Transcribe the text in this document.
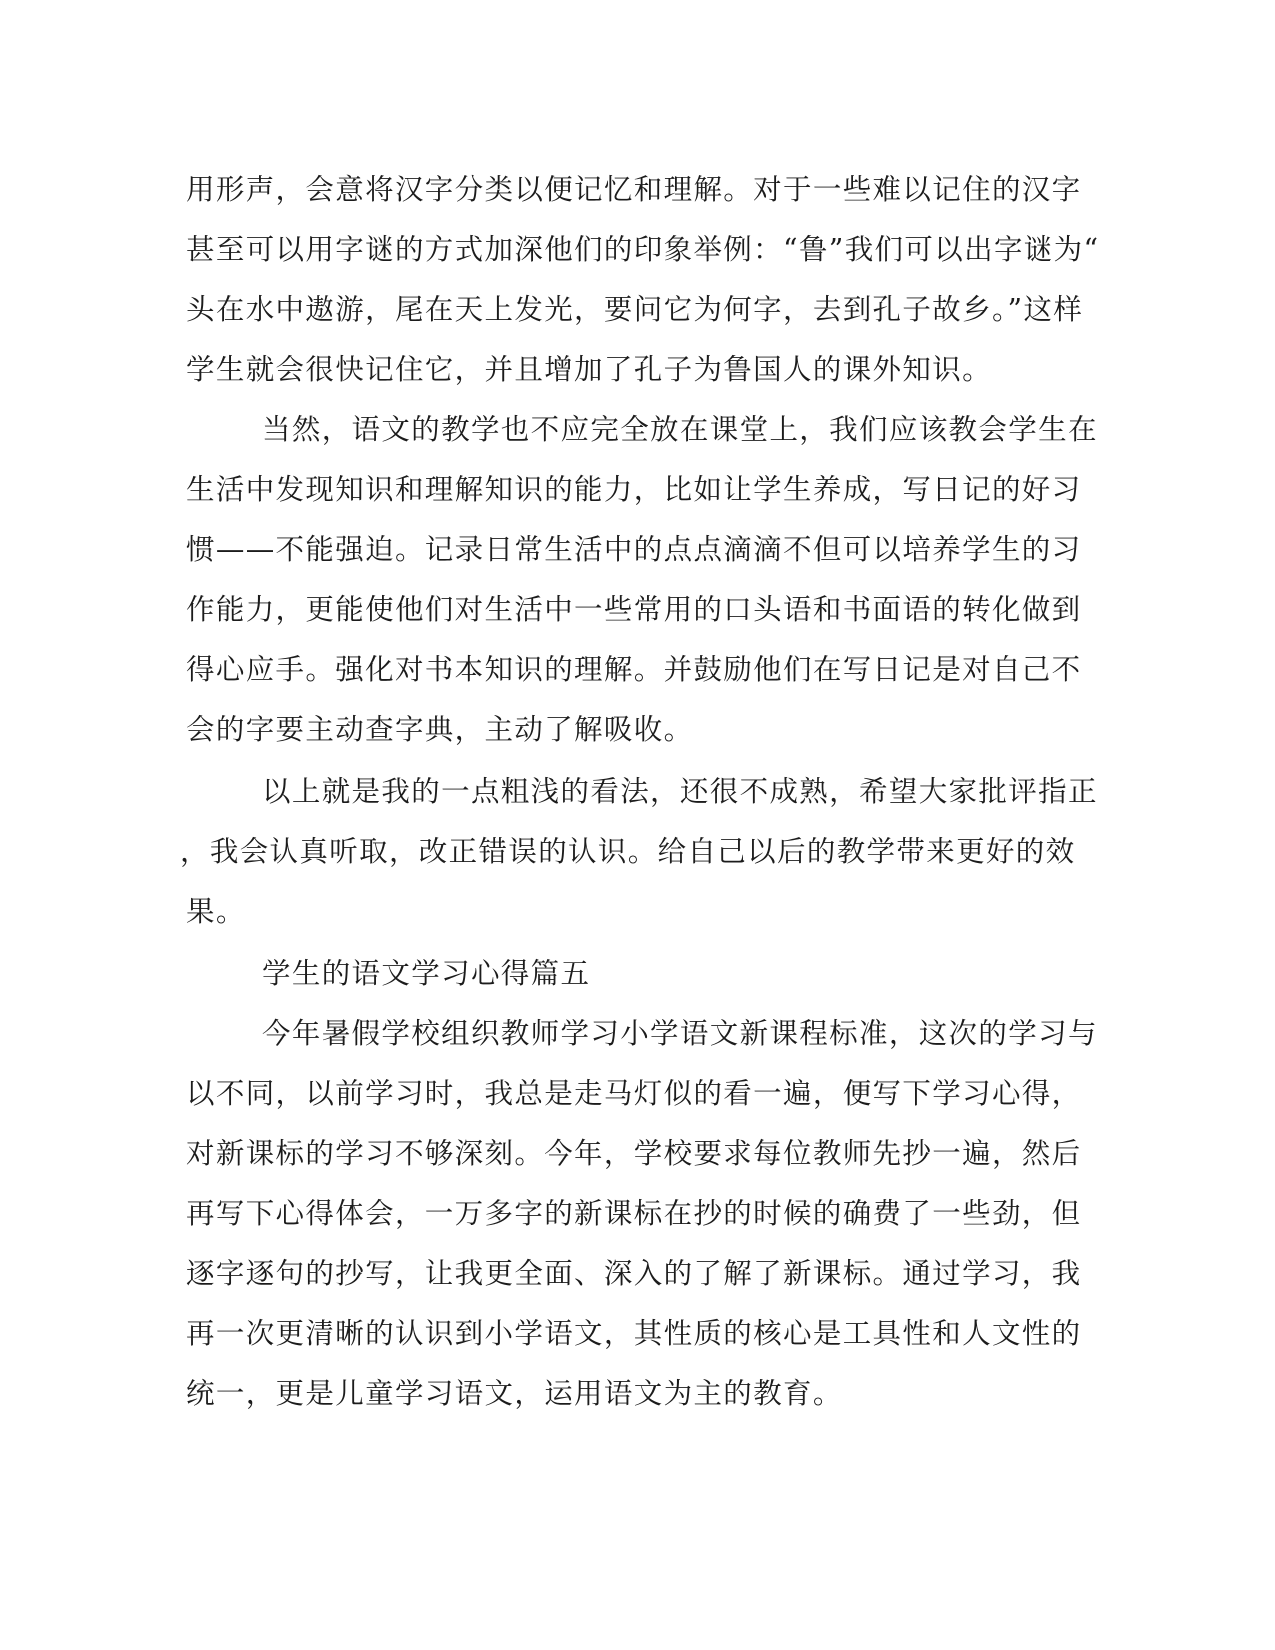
用形声，会意将汉字分类以便记忆和理解。对于一些难以记住的汉字

甚至可以用字谜的方式加深他们的印象举例：“鲁”我们可以出字谜为“

头在水中遨游，尾在天上发光，要问它为何字，去到孔子故乡。”这样

学生就会很快记住它，并且增加了孔子为鲁国人的课外知识。

当然，语文的教学也不应完全放在课堂上，我们应该教会学生在

生活中发现知识和理解知识的能力，比如让学生养成，写日记的好习

惯——不能强迫。记录日常生活中的点点滴滴不但可以培养学生的习

作能力，更能使他们对生活中一些常用的口头语和书面语的转化做到

得心应手。强化对书本知识的理解。并鼓励他们在写日记是对自己不

会的字要主动查字典，主动了解吸收。

以上就是我的一点粗浅的看法，还很不成熟，希望大家批评指正

，我会认真听取，改正错误的认识。给自己以后的教学带来更好的效

果。

学生的语文学习心得篇五

今年暑假学校组织教师学习小学语文新课程标准，这次的学习与

以不同，以前学习时，我总是走马灯似的看一遍，便写下学习心得，

对新课标的学习不够深刻。今年，学校要求每位教师先抄一遍，然后

再写下心得体会，一万多字的新课标在抄的时候的确费了一些劲，但

逐字逐句的抄写，让我更全面、深入的了解了新课标。通过学习，我

再一次更清晰的认识到小学语文，其性质的核心是工具性和人文性的

统一，更是儿童学习语文，运用语文为主的教育。
